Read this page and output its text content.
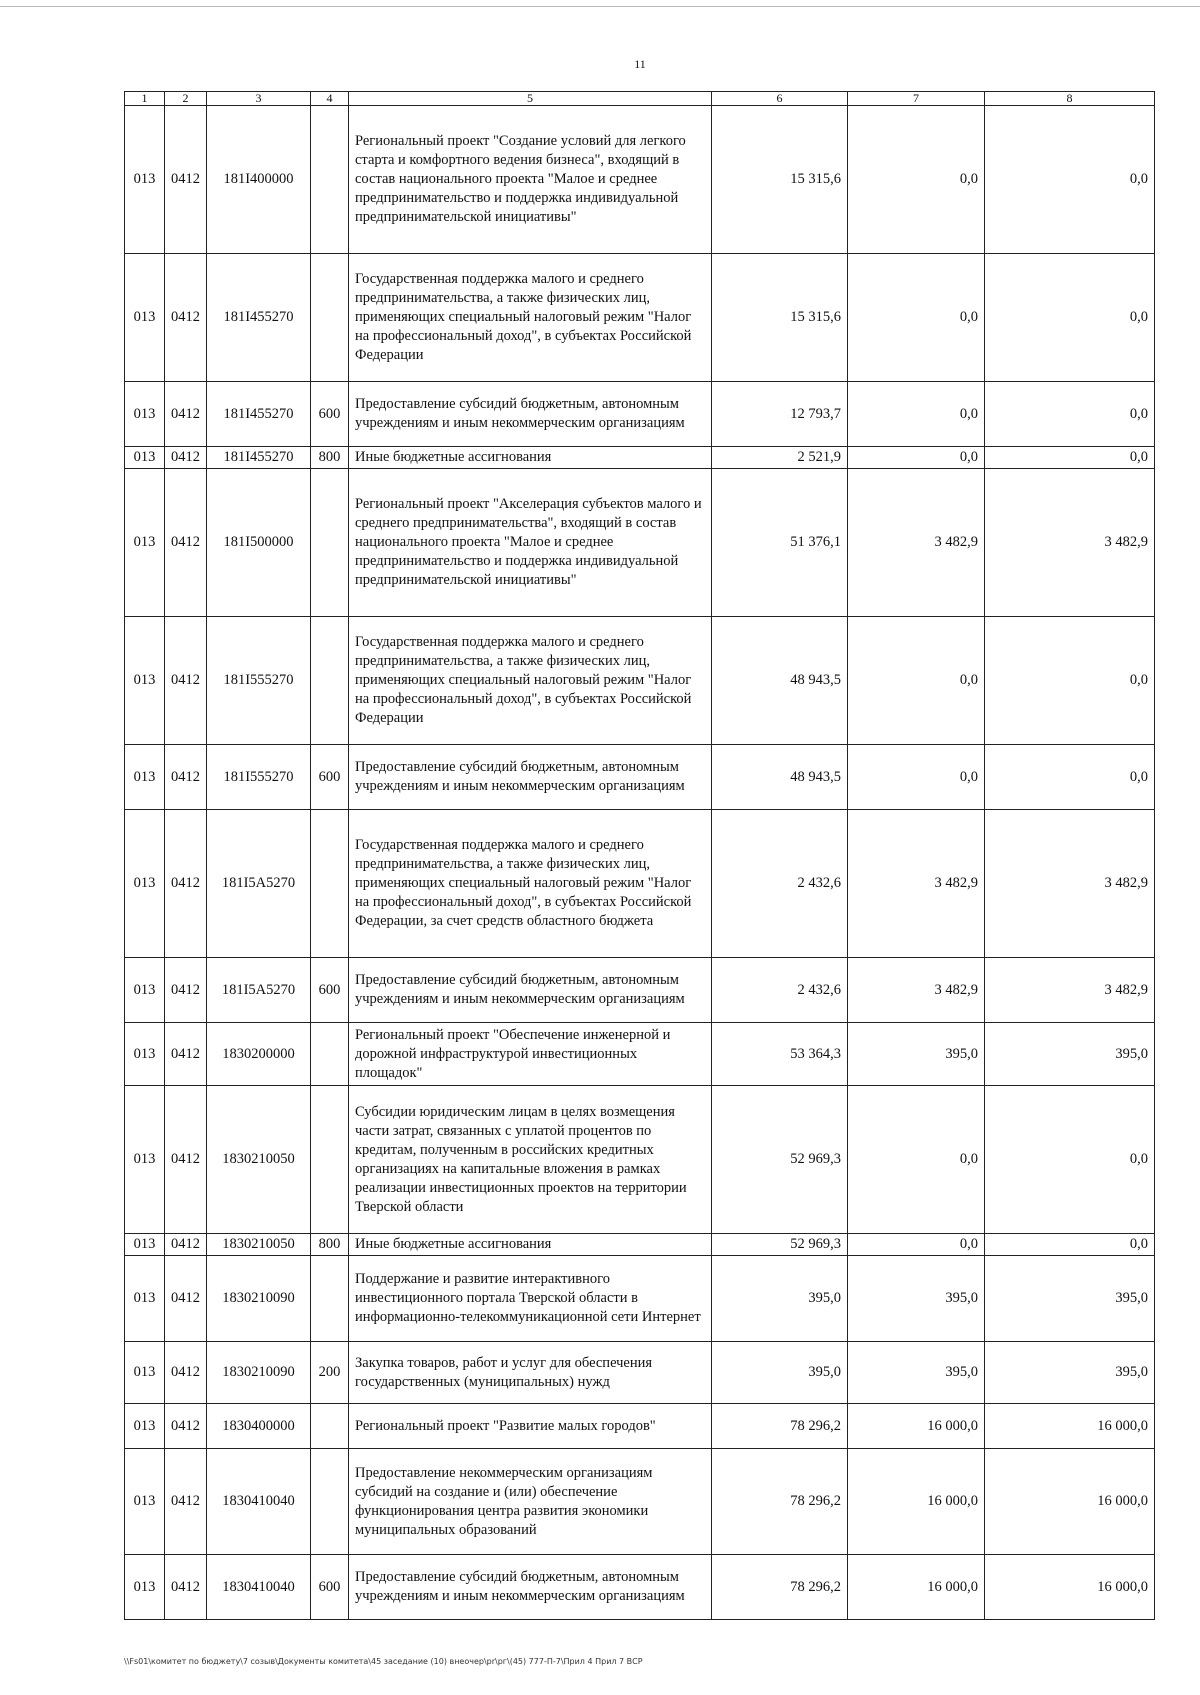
11
1	2	3	4	5	6	7	8
013	0412	181I400000		Региональный проект "Создание условий для легкого старта и комфортного ведения бизнеса", входящий в состав национального проекта "Малое и среднее предпринимательство и поддержка индивидуальной предпринимательской инициативы"	15 315,6	0,0	0,0
013	0412	181I455270		Государственная поддержка малого и среднего предпринимательства, а также физических лиц, применяющих специальный налоговый режим "Налог на профессиональный доход", в субъектах Российской Федерации	15 315,6	0,0	0,0
013	0412	181I455270	600	Предоставление субсидий бюджетным, автономным учреждениям и иным некоммерческим организациям	12 793,7	0,0	0,0
013	0412	181I455270	800	Иные бюджетные ассигнования	2 521,9	0,0	0,0
013	0412	181I500000		Региональный проект "Акселерация субъектов малого и среднего предпринимательства", входящий в состав национального проекта "Малое и среднее предпринимательство и поддержка индивидуальной предпринимательской инициативы"	51 376,1	3 482,9	3 482,9
013	0412	181I555270		Государственная поддержка малого и среднего предпринимательства, а также физических лиц, применяющих специальный налоговый режим "Налог на профессиональный доход", в субъектах Российской Федерации	48 943,5	0,0	0,0
013	0412	181I555270	600	Предоставление субсидий бюджетным, автономным учреждениям и иным некоммерческим организациям	48 943,5	0,0	0,0
013	0412	181I5A5270		Государственная поддержка малого и среднего предпринимательства, а также физических лиц, применяющих специальный налоговый режим "Налог на профессиональный доход", в субъектах Российской Федерации, за счет средств областного бюджета	2 432,6	3 482,9	3 482,9
013	0412	181I5A5270	600	Предоставление субсидий бюджетным, автономным учреждениям и иным некоммерческим организациям	2 432,6	3 482,9	3 482,9
013	0412	1830200000		Региональный проект "Обеспечение инженерной и дорожной инфраструктурой инвестиционных площадок"	53 364,3	395,0	395,0
013	0412	1830210050		Субсидии юридическим лицам в целях возмещения части затрат, связанных с уплатой процентов по кредитам, полученным в российских кредитных организациях на капитальные вложения в рамках реализации инвестиционных проектов на территории Тверской области	52 969,3	0,0	0,0
013	0412	1830210050	800	Иные бюджетные ассигнования	52 969,3	0,0	0,0
013	0412	1830210090		Поддержание и развитие интерактивного инвестиционного портала Тверской области в информационно-телекоммуникационной сети Интернет	395,0	395,0	395,0
013	0412	1830210090	200	Закупка товаров, работ и услуг для обеспечения государственных (муниципальных) нужд	395,0	395,0	395,0
013	0412	1830400000		Региональный проект "Развитие малых городов"	78 296,2	16 000,0	16 000,0
013	0412	1830410040		Предоставление некоммерческим организациям субсидий на создание и (или) обеспечение функционирования центра развития экономики муниципальных образований	78 296,2	16 000,0	16 000,0
013	0412	1830410040	600	Предоставление субсидий бюджетным, автономным учреждениям и иным некоммерческим организациям	78 296,2	16 000,0	16 000,0
\\Fs01\комитет по бюджету\7 созыв\Документы комитета\45 заседание (10) внеочер\pr\рг\(45) 777-П-7\Прил 4 Прил 7 ВСР
